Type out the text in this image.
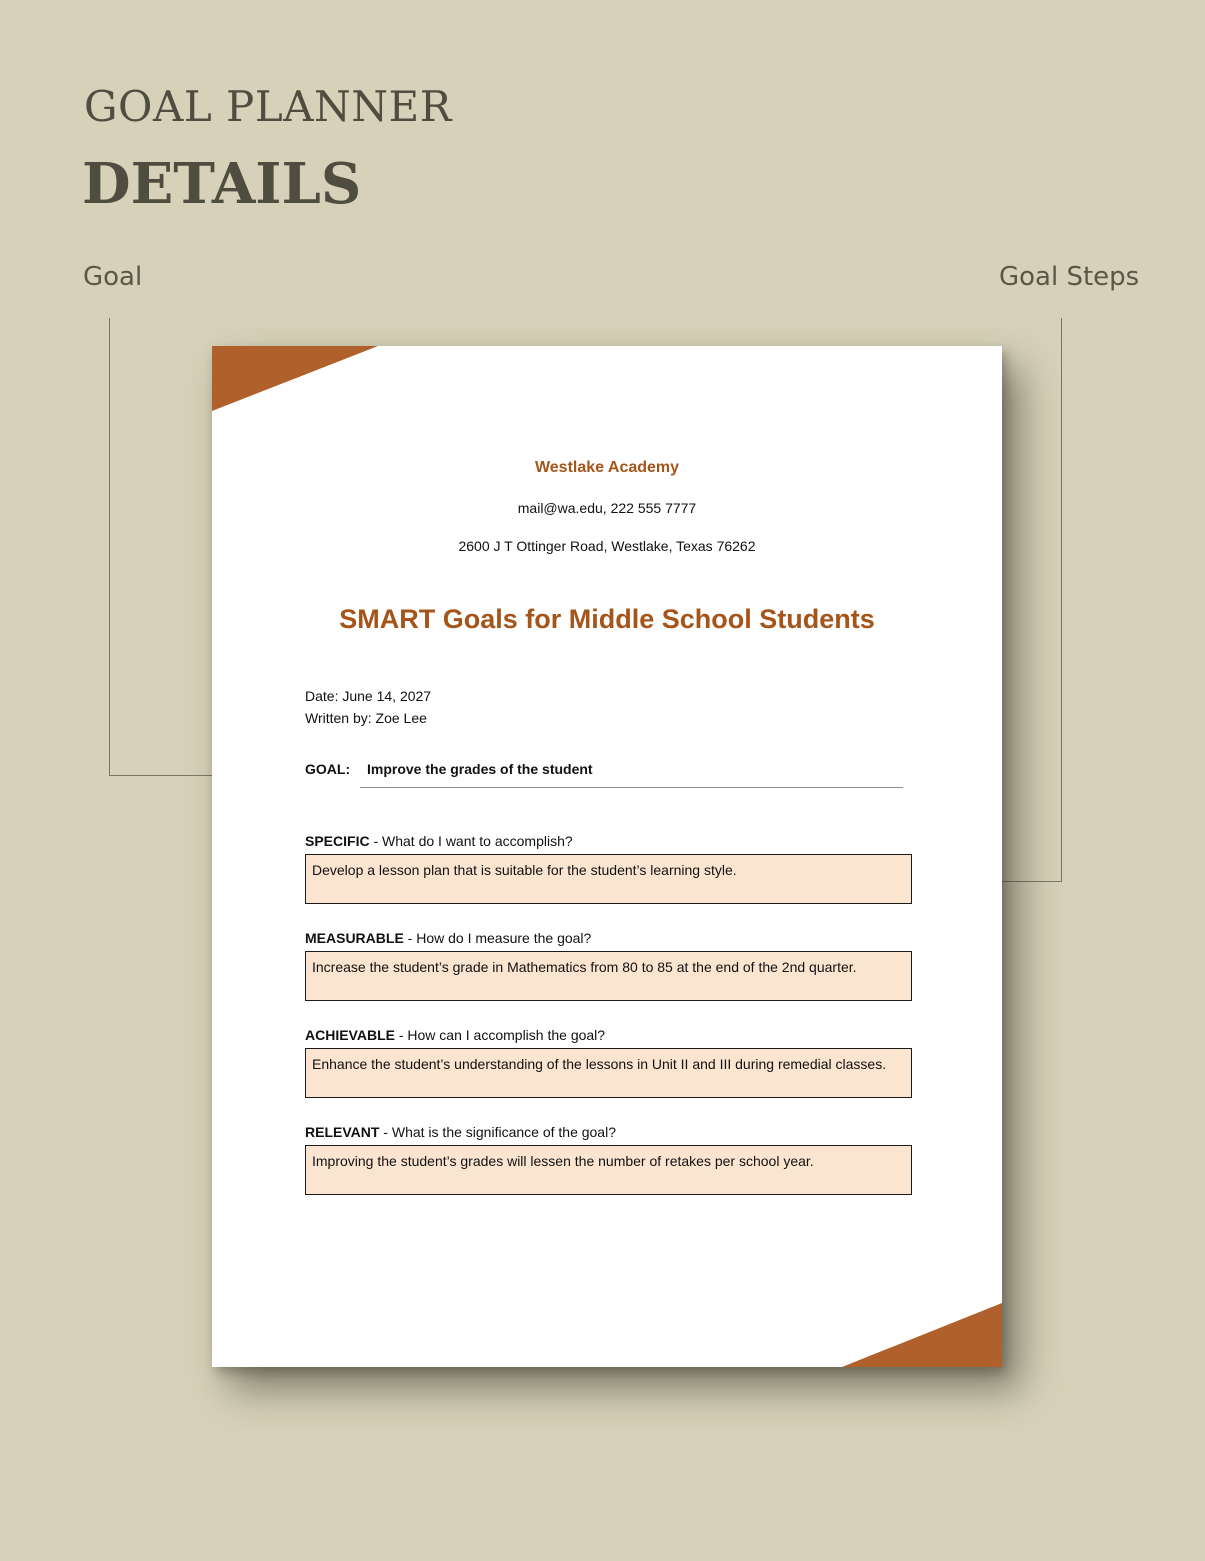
GOAL PLANNER
DETAILS
Goal	Goal Steps

Westlake Academy

mail@wa.edu, 222 555 7777

2600 J T Ottinger Road, Westlake, Texas 76262

SMART Goals for Middle School Students

Date: June 14, 2027

Written by: Zoe Lee

GOAL: Improve the grades of the student

SPECIFIC - What do I want to accomplish?

Develop a lesson plan that is suitable for the student’s learning style.

MEASURABLE - How do I measure the goal?

Increase the student’s grade in Mathematics from 80 to 85 at the end of the 2nd quarter.

ACHIEVABLE - How can I accomplish the goal?

Enhance the student’s understanding of the lessons in Unit II and III during remedial classes.

RELEVANT - What is the significance of the goal?

Improving the student’s grades will lessen the number of retakes per school year.
